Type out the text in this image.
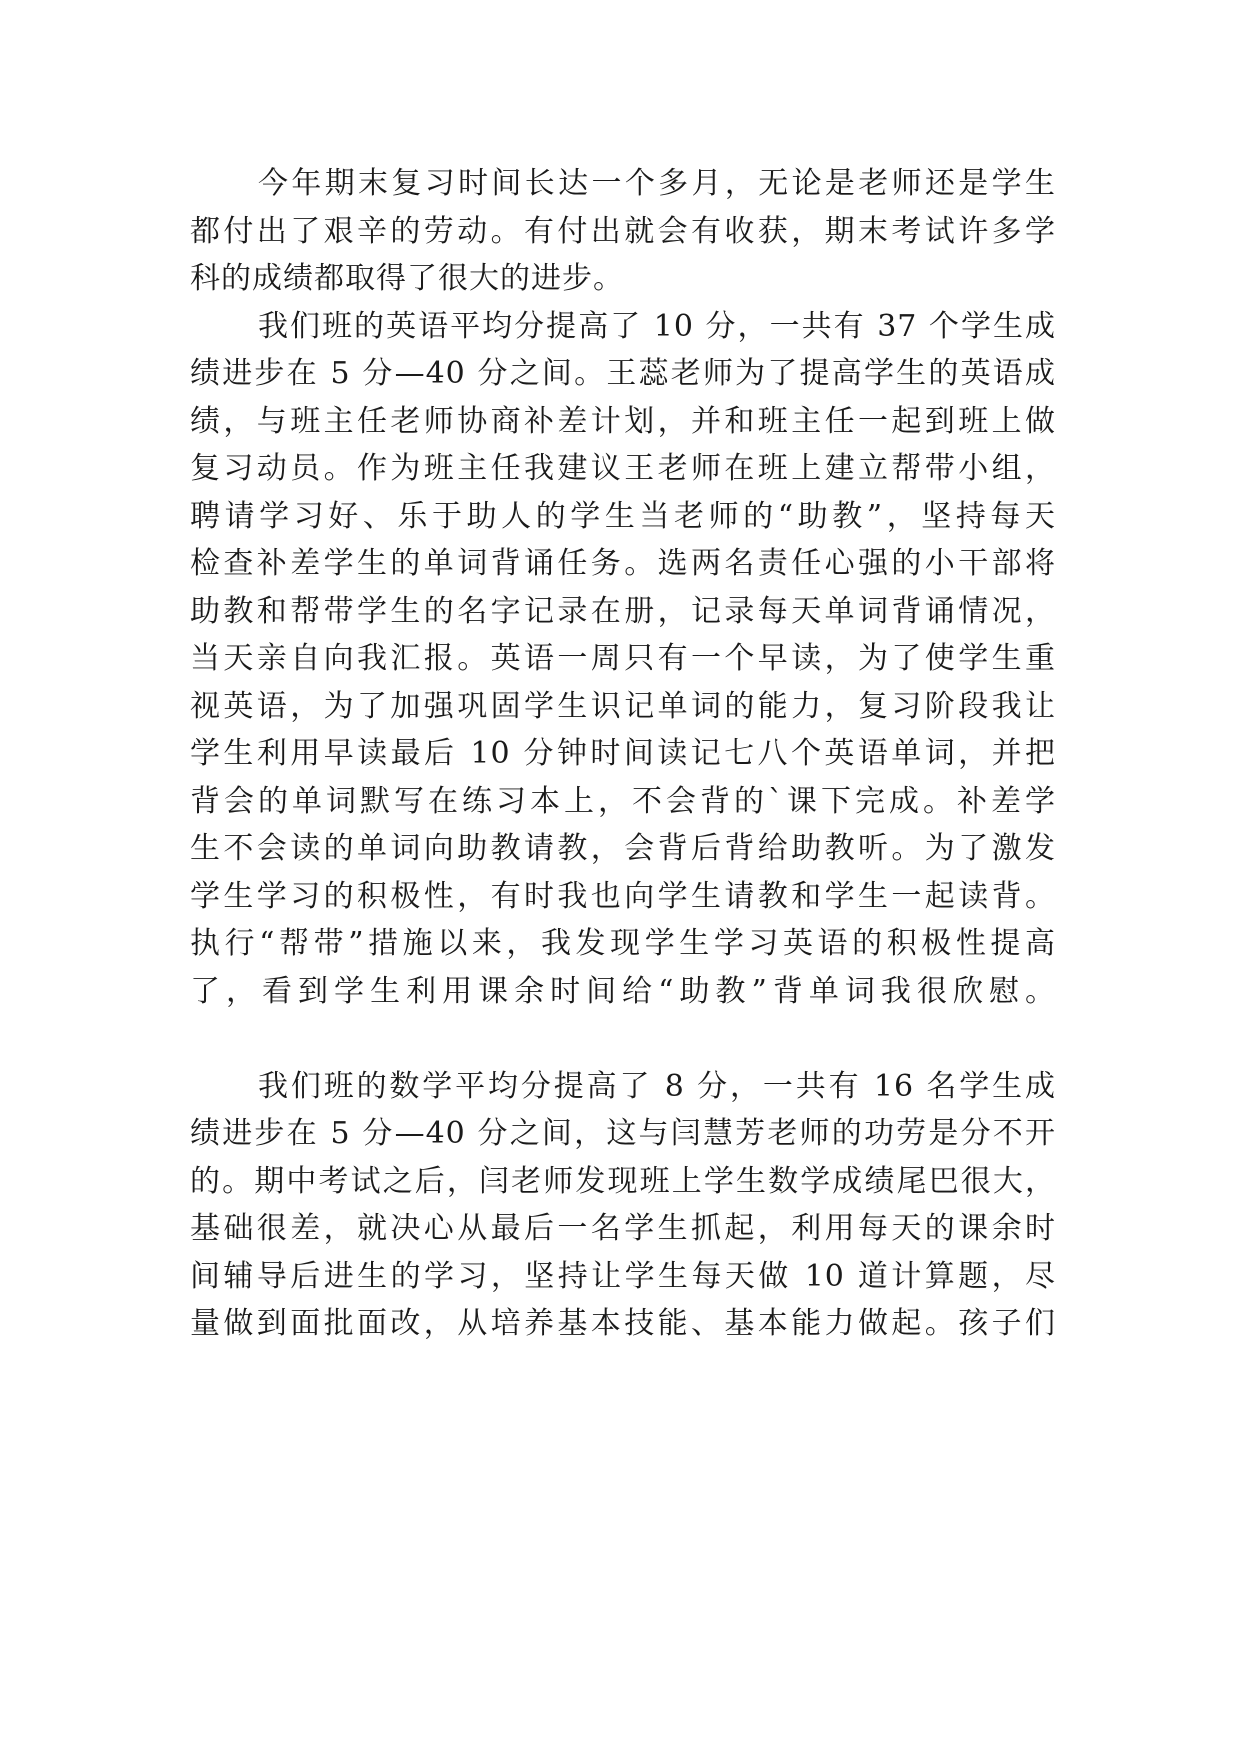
今年期末复习时间长达一个多月，无论是老师还是学生
都付出了艰辛的劳动。有付出就会有收获，期末考试许多学
科的成绩都取得了很大的进步。
我们班的英语平均分提高了 10 分，一共有 37 个学生成
绩进步在 5 分—40 分之间。王蕊老师为了提高学生的英语成
绩，与班主任老师协商补差计划，并和班主任一起到班上做
复习动员。作为班主任我建议王老师在班上建立帮带小组，
聘请学习好、乐于助人的学生当老师的“助教”，坚持每天
检查补差学生的单词背诵任务。选两名责任心强的小干部将
助教和帮带学生的名字记录在册，记录每天单词背诵情况，
当天亲自向我汇报。英语一周只有一个早读，为了使学生重
视英语，为了加强巩固学生识记单词的能力，复习阶段我让
学生利用早读最后 10 分钟时间读记七八个英语单词，并把
背会的单词默写在练习本上，不会背的`课下完成。补差学
生不会读的单词向助教请教，会背后背给助教听。为了激发
学生学习的积极性，有时我也向学生请教和学生一起读背。
执行“帮带”措施以来，我发现学生学习英语的积极性提高
了，看到学生利用课余时间给“助教”背单词我很欣慰。
我们班的数学平均分提高了 8 分，一共有 16 名学生成
绩进步在 5 分—40 分之间，这与闫慧芳老师的功劳是分不开
的。期中考试之后，闫老师发现班上学生数学成绩尾巴很大，
基础很差，就决心从最后一名学生抓起，利用每天的课余时
间辅导后进生的学习，坚持让学生每天做 10 道计算题，尽
量做到面批面改，从培养基本技能、基本能力做起。孩子们
